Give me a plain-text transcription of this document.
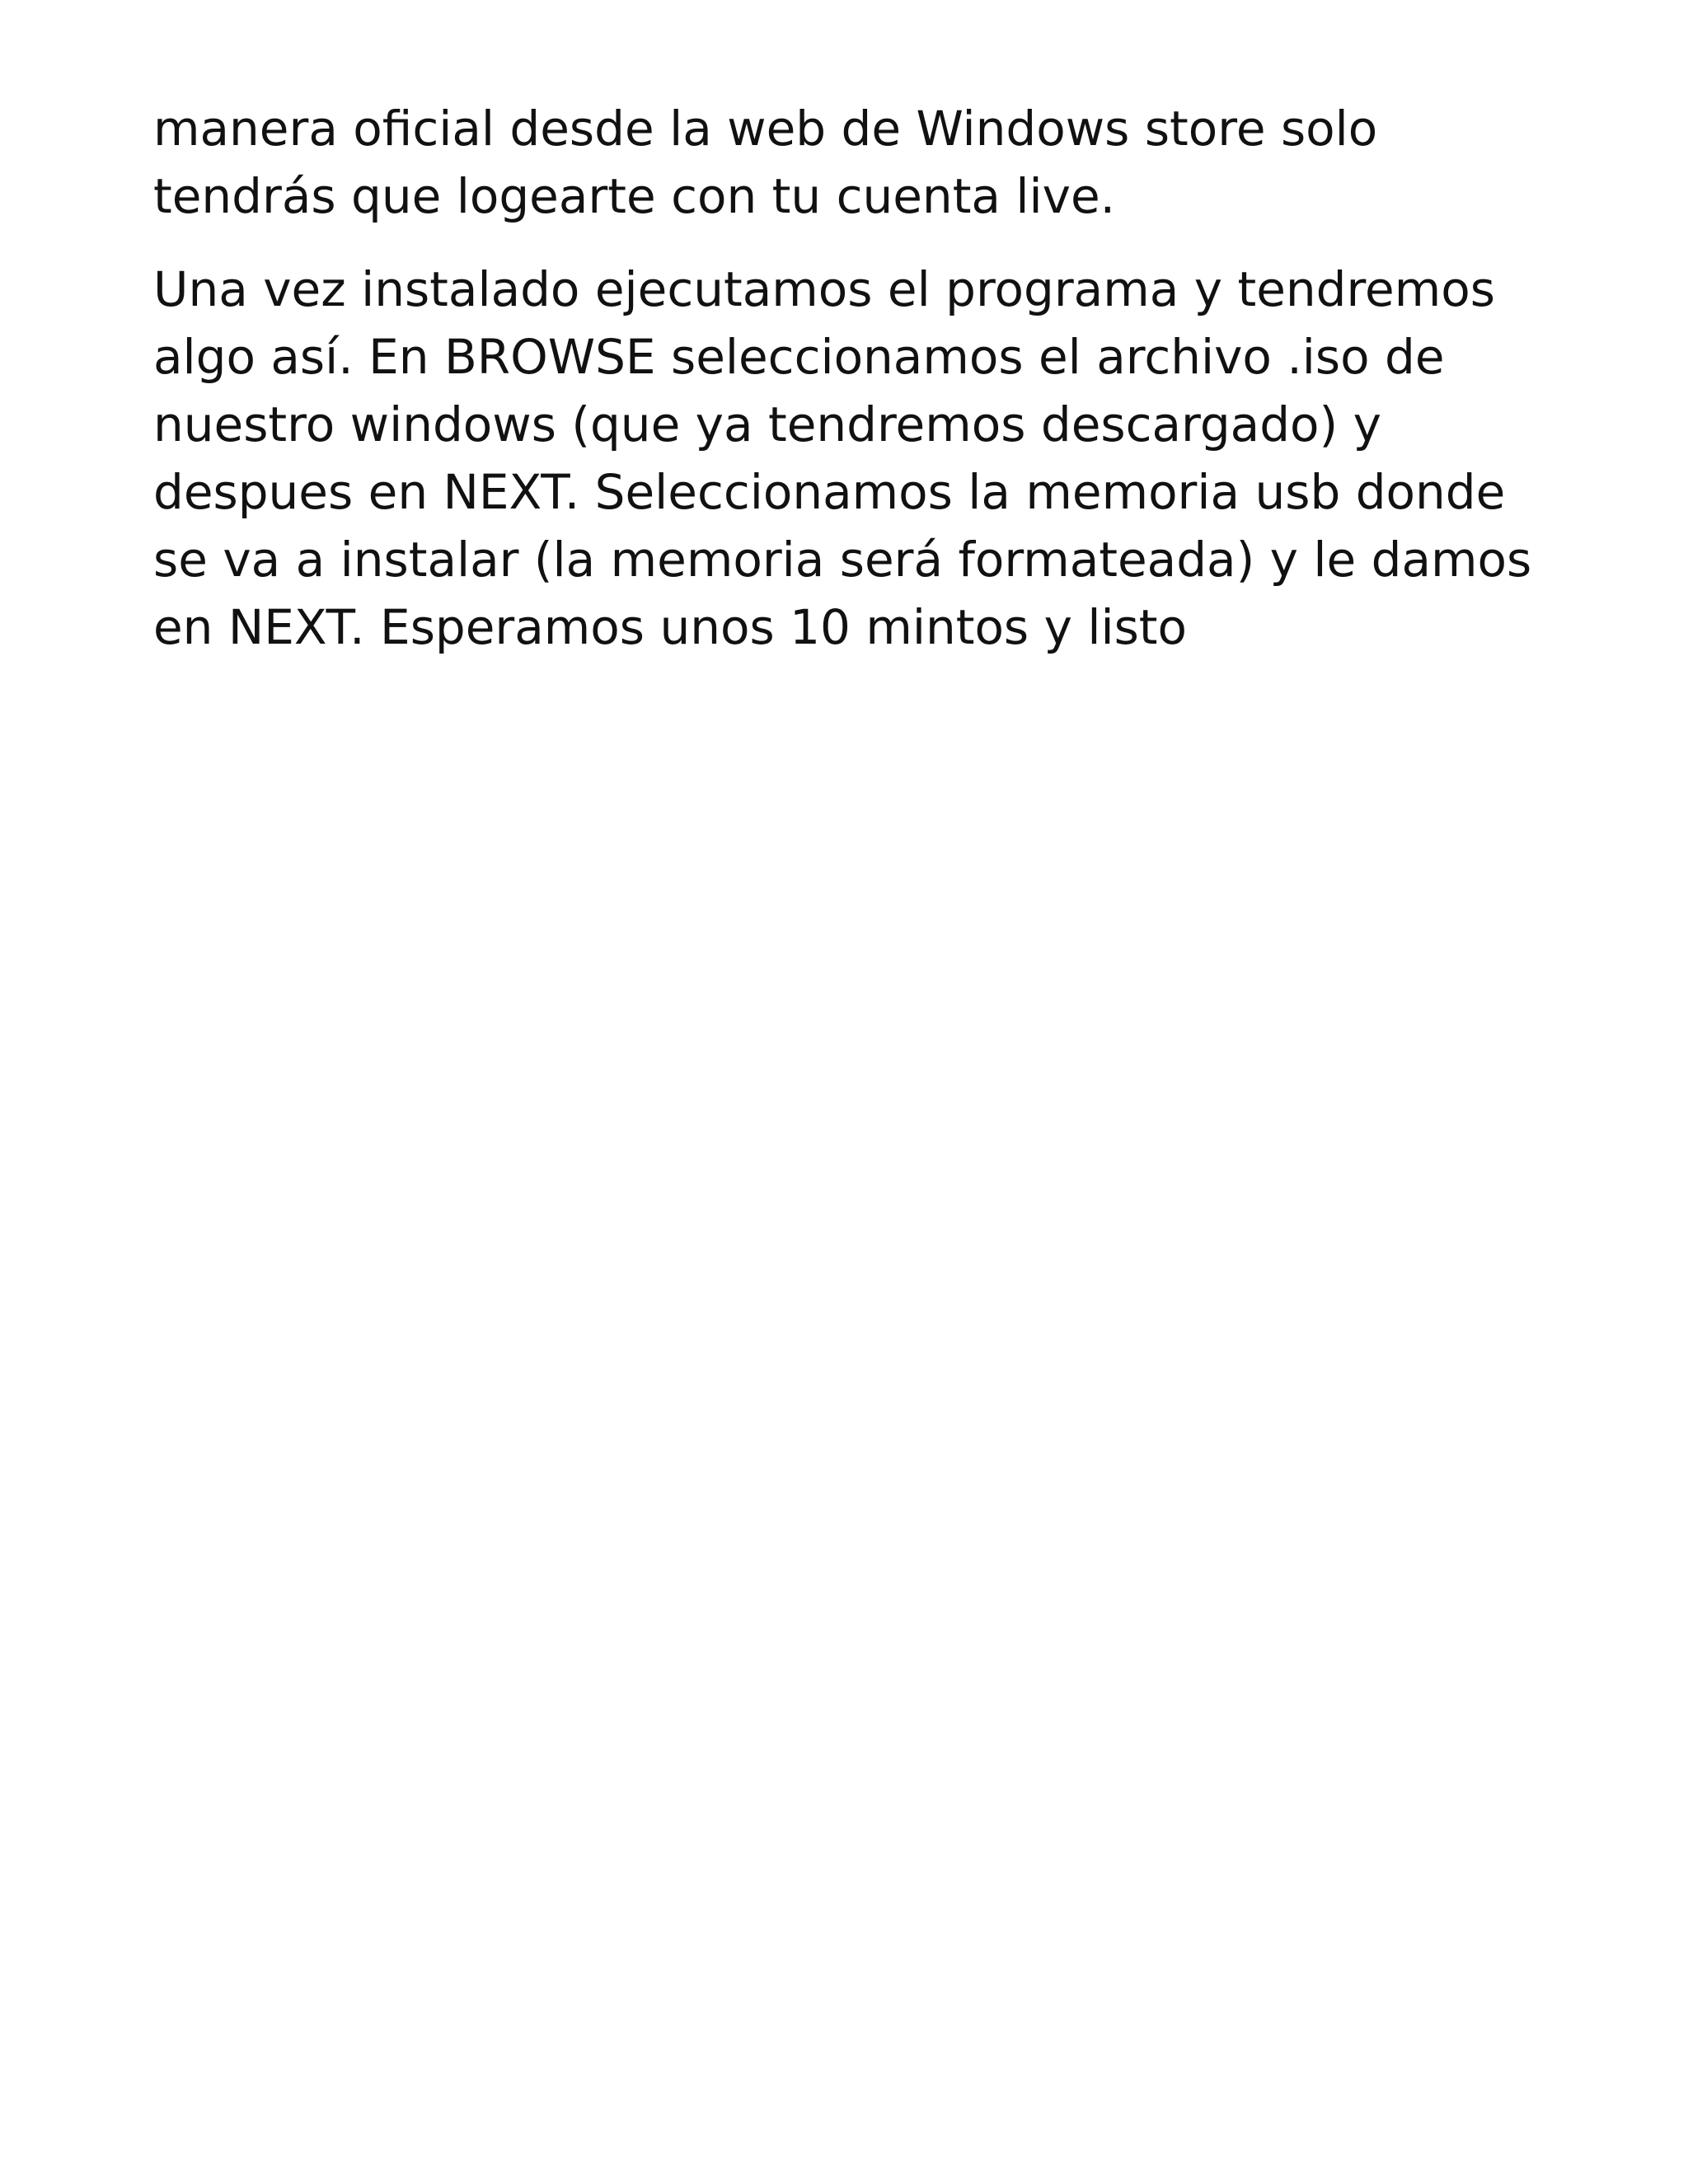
manera oficial desde la web de Windows store solo
tendrás que logearte con tu cuenta live.

Una vez instalado ejecutamos el programa y tendremos
algo así. En BROWSE seleccionamos el archivo .iso de
nuestro windows (que ya tendremos descargado) y
despues en NEXT. Seleccionamos la memoria usb donde
se va a instalar (la memoria será formateada) y le damos
en NEXT. Esperamos unos 10 mintos y listo
